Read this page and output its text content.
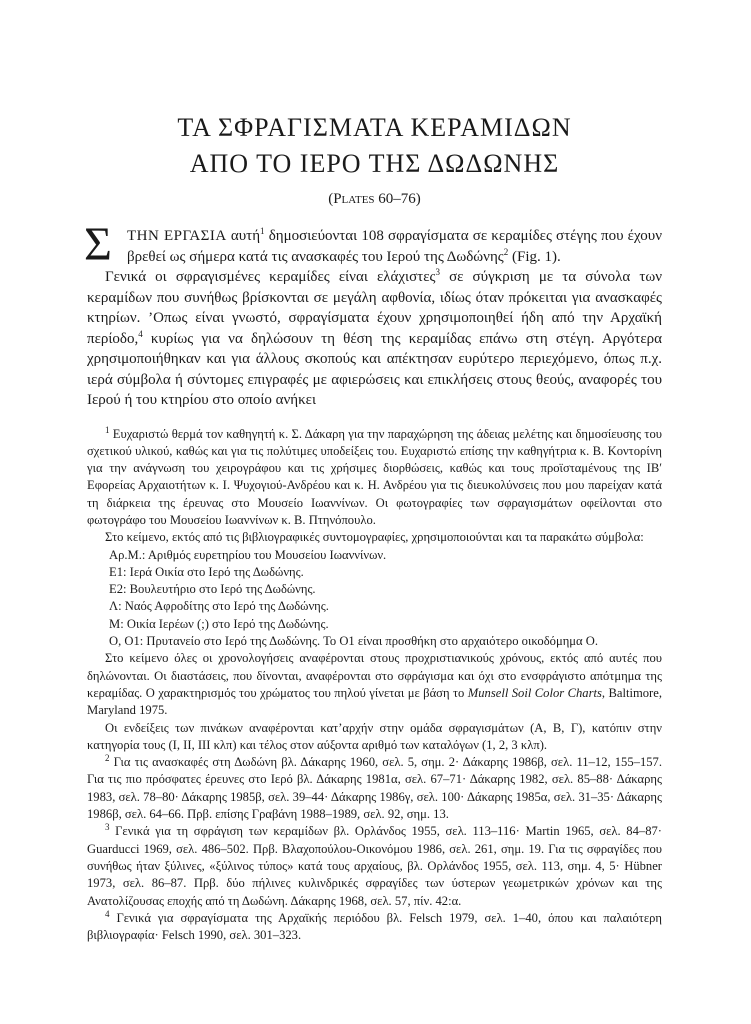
ΤΑ ΣΦΡΑΓΙΣΜΑΤΑ ΚΕΡΑΜΙΔΩΝ
ΑΠΟ ΤΟ ΙΕΡΟ ΤΗΣ ΔΩΔΩΝΗΣ
(Plates 60–76)

Σ ΤΗΝ ΕΡΓΑΣΙΑ αυτή$^1$ δημοσιεύονται 108 σφραγίσματα σε κεραμίδες στέγης που έχουν βρεθεί ως σήμερα κατά τις ανασκαφές του Ιερού της Δωδώνης$^2$ (Fig. 1).

Γενικά οι σφραγισμένες κεραμίδες είναι ελάχιστες$^3$ σε σύγκριση με τα σύνολα των κεραμίδων που συνήθως βρίσκονται σε μεγάλη αφθονία, ιδίως όταν πρόκειται για ανασκαφές κτηρίων. ’Οπως είναι γνωστό, σφραγίσματα έχουν χρησιμοποιηθεί ήδη από την Αρχαϊκή περίοδο,$^4$ κυρίως για να δηλώσουν τη θέση της κεραμίδας επάνω στη στέγη. Αργότερα χρησιμοποιήθηκαν και για άλλους σκοπούς και απέκτησαν ευρύτερο περιεχόμενο, όπως π.χ. ιερά σύμβολα ή σύντομες επιγραφές με αφιερώσεις και επικλήσεις στους θεούς, αναφορές του Ιερού ή του κτηρίου στο οποίο ανήκει

$^1$ Ευχαριστώ θερμά τον καθηγητή κ. Σ. Δάκαρη για την παραχώρηση της άδειας μελέτης και δημοσίευσης του σχετικού υλικού, καθώς και για τις πολύτιμες υποδείξεις του. Ευχαριστώ επίσης την καθηγήτρια κ. Β. Κοντορίνη για την ανάγνωση του χειρογράφου και τις χρήσιμες διορθώσεις, καθώς και τους προϊσταμένους της ΙΒ′ Εφορείας Αρχαιοτήτων κ. Ι. Ψυχογιού-Ανδρέου και κ. Η. Ανδρέου για τις διευκολύνσεις που μου παρείχαν κατά τη διάρκεια της έρευνας στο Μουσείο Ιωαννίνων. Οι φωτογραφίες των σφραγισμάτων οφείλονται στο φωτογράφο του Μουσείου Ιωαννίνων κ. Β. Πτηνόπουλο.

Στο κείμενο, εκτός από τις βιβλιογραφικές συντομογραφίες, χρησιμοποιούνται και τα παρακάτω σύμβολα:

Αρ.Μ.: Αριθμός ευρετηρίου του Μουσείου Ιωαννίνων.

Ε1: Ιερά Οικία στο Ιερό της Δωδώνης.

Ε2: Βουλευτήριο στο Ιερό της Δωδώνης.

Λ: Ναός Αφροδίτης στο Ιερό της Δωδώνης.

Μ: Οικία Ιερέων (;) στο Ιερό της Δωδώνης.

Ο, Ο1: Πρυτανείο στο Ιερό της Δωδώνης. Το Ο1 είναι προσθήκη στο αρχαιότερο οικοδόμημα Ο.

Στο κείμενο όλες οι χρονολογήσεις αναφέρονται στους προχριστιανικούς χρόνους, εκτός από αυτές που δηλώνονται. Οι διαστάσεις, που δίνονται, αναφέρονται στο σφράγισμα και όχι στο ενσφράγιστο απότμημα της κεραμίδας. Ο χαρακτηρισμός του χρώματος του πηλού γίνεται με βάση το Munsell Soil Color Charts, Baltimore, Maryland 1975.

Οι ενδείξεις των πινάκων αναφέρονται κατ’αρχήν στην ομάδα σφραγισμάτων (Α, Β, Γ), κατόπιν στην κατηγορία τους (Ι, ΙΙ, ΙΙΙ κλπ) και τέλος στον αύξοντα αριθμό των καταλόγων (1, 2, 3 κλπ).

$^2$ Για τις ανασκαφές στη Δωδώνη βλ. Δάκαρης 1960, σελ. 5, σημ. 2· Δάκαρης 1986β, σελ. 11–12, 155–157. Για τις πιο πρόσφατες έρευνες στο Ιερό βλ. Δάκαρης 1981α, σελ. 67–71· Δάκαρης 1982, σελ. 85–88· Δάκαρης 1983, σελ. 78–80· Δάκαρης 1985β, σελ. 39–44· Δάκαρης 1986γ, σελ. 100· Δάκαρης 1985α, σελ. 31–35· Δάκαρης 1986β, σελ. 64–66. Πρβ. επίσης Γραβάνη 1988–1989, σελ. 92, σημ. 13.

$^3$ Γενικά για τη σφράγιση των κεραμίδων βλ. Ορλάνδος 1955, σελ. 113–116· Martin 1965, σελ. 84–87· Guarducci 1969, σελ. 486–502. Πρβ. Βλαχοπούλου-Οικονόμου 1986, σελ. 261, σημ. 19. Για τις σφραγίδες που συνήθως ήταν ξύλινες, «ξύλινος τύπος» κατά τους αρχαίους, βλ. Ορλάνδος 1955, σελ. 113, σημ. 4, 5· Hübner 1973, σελ. 86–87. Πρβ. δύο πήλινες κυλινδρικές σφραγίδες των ύστερων γεωμετρικών χρόνων και της Ανατολίζουσας εποχής από τη Δωδώνη. Δάκαρης 1968, σελ. 57, πίν. 42:α.

$^4$ Γενικά για σφραγίσματα της Αρχαϊκής περιόδου βλ. Felsch 1979, σελ. 1–40, όπου και παλαιότερη βιβλιογραφία· Felsch 1990, σελ. 301–323.
